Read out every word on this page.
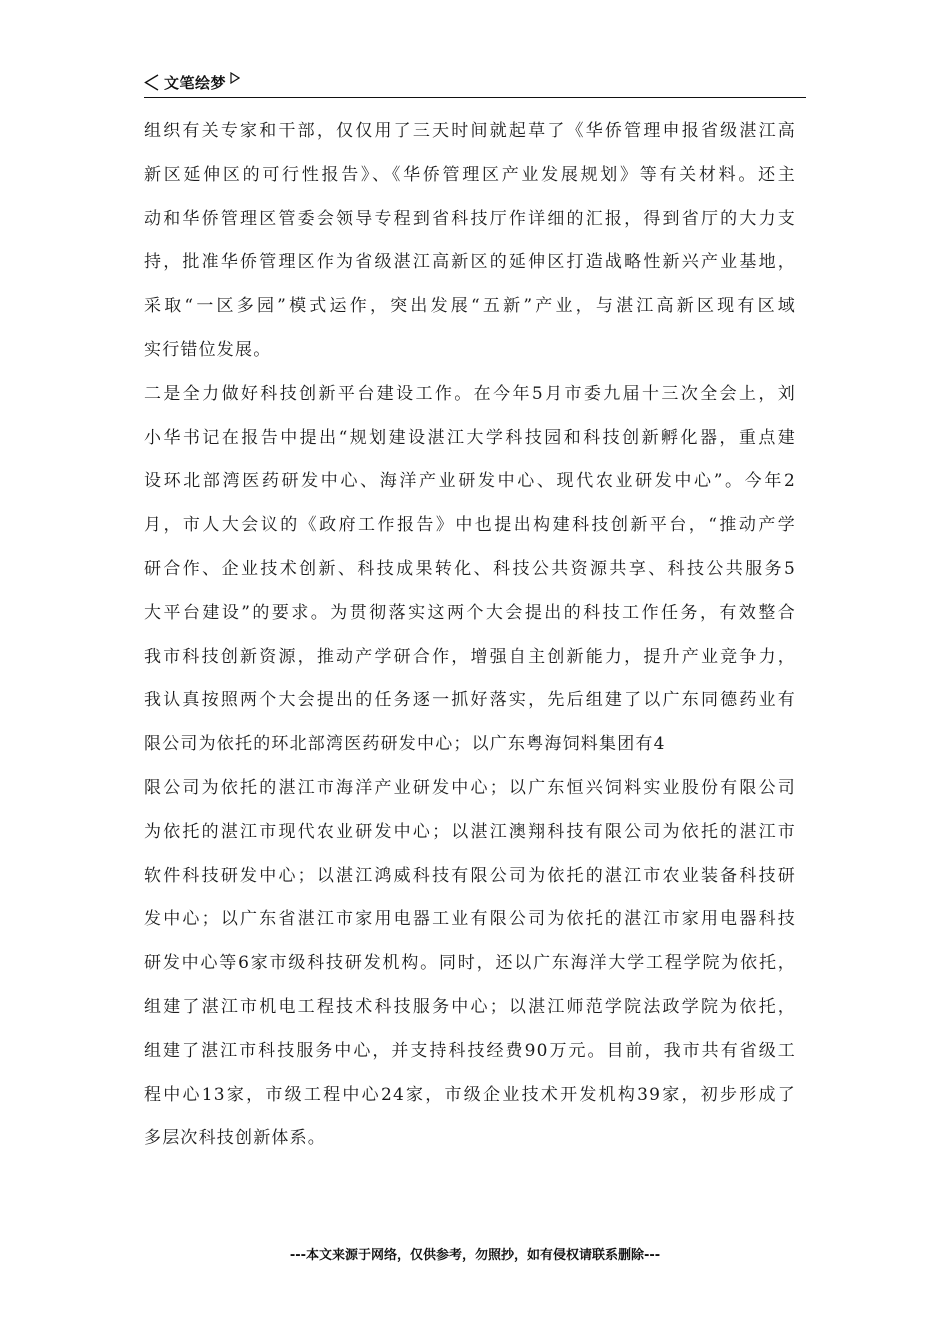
文笔绘梦
组织有关专家和干部，仅仅用了三天时间就起草了《华侨管理申报省级湛江高
新区延伸区的可行性报告》、《华侨管理区产业发展规划》等有关材料。还主
动和华侨管理区管委会领导专程到省科技厅作详细的汇报，得到省厅的大力支
持，批准华侨管理区作为省级湛江高新区的延伸区打造战略性新兴产业基地，
采取“一区多园”模式运作，突出发展“五新”产业，与湛江高新区现有区域
实行错位发展。
二是全力做好科技创新平台建设工作。在今年5月市委九届十三次全会上，刘
小华书记在报告中提出“规划建设湛江大学科技园和科技创新孵化器，重点建
设环北部湾医药研发中心、海洋产业研发中心、现代农业研发中心”。今年2
月，市人大会议的《政府工作报告》中也提出构建科技创新平台，“推动产学
研合作、企业技术创新、科技成果转化、科技公共资源共享、科技公共服务5
大平台建设”的要求。为贯彻落实这两个大会提出的科技工作任务，有效整合
我市科技创新资源，推动产学研合作，增强自主创新能力，提升产业竞争力，
我认真按照两个大会提出的任务逐一抓好落实，先后组建了以广东同德药业有
限公司为依托的环北部湾医药研发中心；以广东粤海饲料集团有4
限公司为依托的湛江市海洋产业研发中心；以广东恒兴饲料实业股份有限公司
为依托的湛江市现代农业研发中心；以湛江澳翔科技有限公司为依托的湛江市
软件科技研发中心；以湛江鸿威科技有限公司为依托的湛江市农业装备科技研
发中心；以广东省湛江市家用电器工业有限公司为依托的湛江市家用电器科技
研发中心等6家市级科技研发机构。同时，还以广东海洋大学工程学院为依托，
组建了湛江市机电工程技术科技服务中心；以湛江师范学院法政学院为依托，
组建了湛江市科技服务中心，并支持科技经费90万元。目前，我市共有省级工
程中心13家，市级工程中心24家，市级企业技术开发机构39家，初步形成了
多层次科技创新体系。
---本文来源于网络，仅供参考，勿照抄，如有侵权请联系删除---
